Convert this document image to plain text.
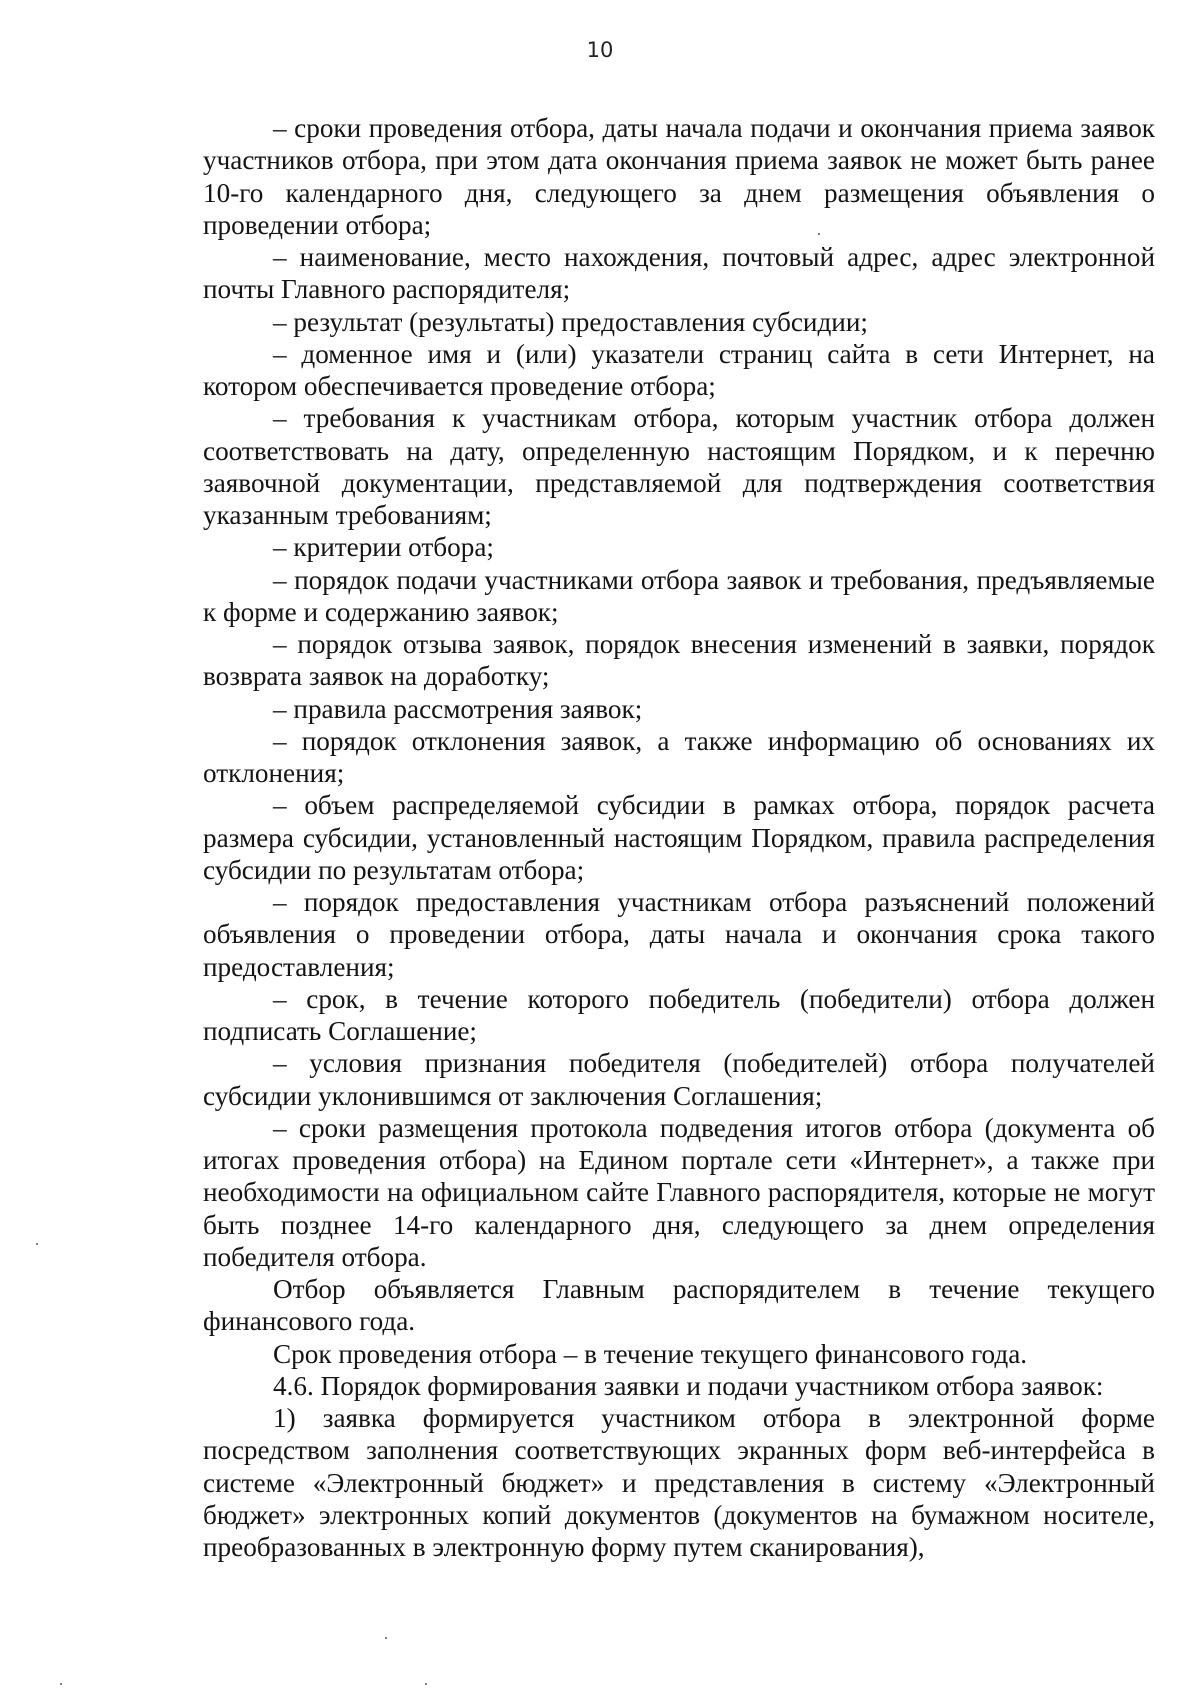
10

– сроки проведения отбора, даты начала подачи и окончания приема заявок участников отбора, при этом дата окончания приема заявок не может быть ранее 10-го календарного дня, следующего за днем размещения объявления о проведении отбора;

– наименование, место нахождения, почтовый адрес, адрес электронной почты Главного распорядителя;

– результат (результаты) предоставления субсидии;

– доменное имя и (или) указатели страниц сайта в сети Интернет, на котором обеспечивается проведение отбора;

– требования к участникам отбора, которым участник отбора должен соответствовать на дату, определенную настоящим Порядком, и к перечню заявочной документации, представляемой для подтверждения соответствия указанным требованиям;

– критерии отбора;

– порядок подачи участниками отбора заявок и требования, предъявляемые к форме и содержанию заявок;

– порядок отзыва заявок, порядок внесения изменений в заявки, порядок возврата заявок на доработку;

– правила рассмотрения заявок;

– порядок отклонения заявок, а также информацию об основаниях их отклонения;

– объем распределяемой субсидии в рамках отбора, порядок расчета размера субсидии, установленный настоящим Порядком, правила распределения субсидии по результатам отбора;

– порядок предоставления участникам отбора разъяснений положений объявления о проведении отбора, даты начала и окончания срока такого предоставления;

– срок, в течение которого победитель (победители) отбора должен подписать Соглашение;

– условия признания победителя (победителей) отбора получателей субсидии уклонившимся от заключения Соглашения;

– сроки размещения протокола подведения итогов отбора (документа об итогах проведения отбора) на Едином портале сети «Интернет», а также при необходимости на официальном сайте Главного распорядителя, которые не могут быть позднее 14-го календарного дня, следующего за днем определения победителя отбора.

Отбор объявляется Главным распорядителем в течение текущего финансового года.

Срок проведения отбора – в течение текущего финансового года.

4.6. Порядок формирования заявки и подачи участником отбора заявок:

1) заявка формируется участником отбора в электронной форме посредством заполнения соответствующих экранных форм веб-интерфейса в системе «Электронный бюджет» и представления в систему «Электронный бюджет» электронных копий документов (документов на бумажном носителе, преобразованных в электронную форму путем сканирования),
